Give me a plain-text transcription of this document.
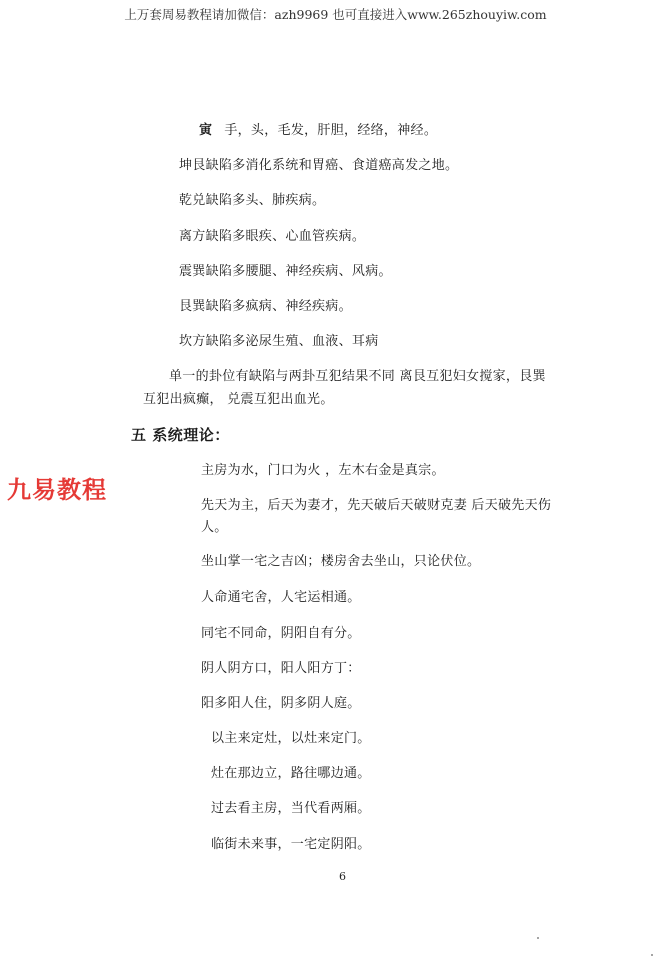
上万套周易教程请加微信：azh9969 也可直接进入www.265zhouyiw.com
寅 手，头，毛发，肝胆，经络，神经。
坤艮缺陷多消化系统和胃癌、食道癌高发之地。
乾兑缺陷多头、肺疾病。
离方缺陷多眼疾、心血管疾病。
震巽缺陷多腰腿、神经疾病、风病。
艮巽缺陷多疯病、神经疾病。
坎方缺陷多泌尿生殖、血液、耳病
单一的卦位有缺陷与两卦互犯结果不同 离艮互犯妇女搅家，艮巽
互犯出疯癫， 兑震互犯出血光。
五 系统理论：
九易教程
主房为水，门口为火 ，左木右金是真宗。
先天为主，后天为妻才，先天破后天破财克妻 后天破先天伤
人。
坐山掌一宅之吉凶；楼房舍去坐山，只论伏位。
人命通宅舍，人宅运相通。
同宅不同命，阴阳自有分。
阴人阴方口，阳人阳方丁：
阳多阳人住，阴多阴人庭。
以主来定灶，以灶来定门。
灶在那边立，路往哪边通。
过去看主房，当代看两厢。
临街未来事，一宅定阴阳。
6
